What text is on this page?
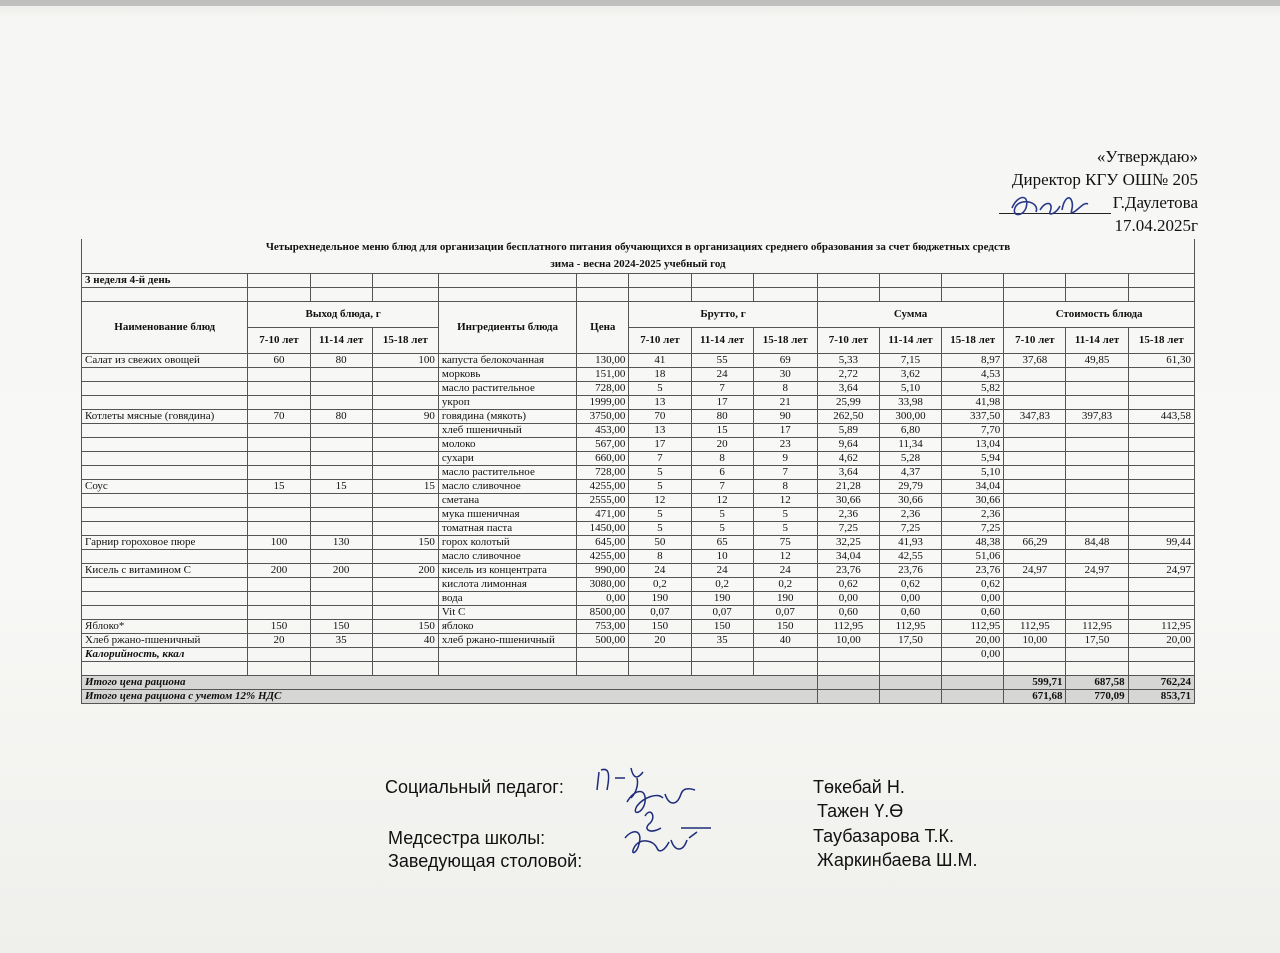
«Утверждаю»
Директор КГУ ОШ№ 205
Г.Даулетова
17.04.2025г
Четырехнедельное меню блюд для организации бесплатного питания обучающихся в организациях среднего образования за счет бюджетных средств														
зима - весна 2024-2025 учебный год														
3 неделя 4-й день														

Наименование блюд	Выход блюда, г			Ингредиенты блюда	Цена	Брутто, г			Сумма			Стоимость блюда		
	7-10 лет	11-14 лет	15-18 лет			7-10 лет	11-14 лет	15-18 лет	7-10 лет	11-14 лет	15-18 лет	7-10 лет	11-14 лет	15-18 лет
Салат из свежих овощей	60	80	100	капуста белокочанная	130,00	41	55	69	5,33	7,15	8,97	37,68	49,85	61,30
				морковь	151,00	18	24	30	2,72	3,62	4,53			
				масло растительное	728,00	5	7	8	3,64	5,10	5,82			
				укроп	1999,00	13	17	21	25,99	33,98	41,98			
Котлеты мясные (говядина)	70	80	90	говядина (мякоть)	3750,00	70	80	90	262,50	300,00	337,50	347,83	397,83	443,58
				хлеб пшеничный	453,00	13	15	17	5,89	6,80	7,70			
				молоко	567,00	17	20	23	9,64	11,34	13,04			
				сухари	660,00	7	8	9	4,62	5,28	5,94			
				масло растительное	728,00	5	6	7	3,64	4,37	5,10			
Соус	15	15	15	масло сливочное	4255,00	5	7	8	21,28	29,79	34,04			
				сметана	2555,00	12	12	12	30,66	30,66	30,66			
				мука пшеничная	471,00	5	5	5	2,36	2,36	2,36			
				томатная паста	1450,00	5	5	5	7,25	7,25	7,25			
Гарнир гороховое пюре	100	130	150	горох колотый	645,00	50	65	75	32,25	41,93	48,38	66,29	84,48	99,44
				масло сливочное	4255,00	8	10	12	34,04	42,55	51,06			
Кисель с витамином С	200	200	200	кисель из концентрата	990,00	24	24	24	23,76	23,76	23,76	24,97	24,97	24,97
				кислота лимонная	3080,00	0,2	0,2	0,2	0,62	0,62	0,62			
				вода	0,00	190	190	190	0,00	0,00	0,00			
				Vit C	8500,00	0,07	0,07	0,07	0,60	0,60	0,60			
Яблоко*	150	150	150	яблоко	753,00	150	150	150	112,95	112,95	112,95	112,95	112,95	112,95
Хлеб ржано-пшеничный	20	35	40	хлеб ржано-пшеничный	500,00	20	35	40	10,00	17,50	20,00	10,00	17,50	20,00
Калорийность, ккал											0,00			

Итого цена рациона												599,71	687,58	762,24
Итого цена рациона с учетом 12% НДС												671,68	770,09	853,71
Социальный педагог:	Төкебай Н.
Тажен Ү.Ө
Медсестра школы:	Таубазарова Т.К.
Заведующая столовой:	Жаркинбаева Ш.М.
